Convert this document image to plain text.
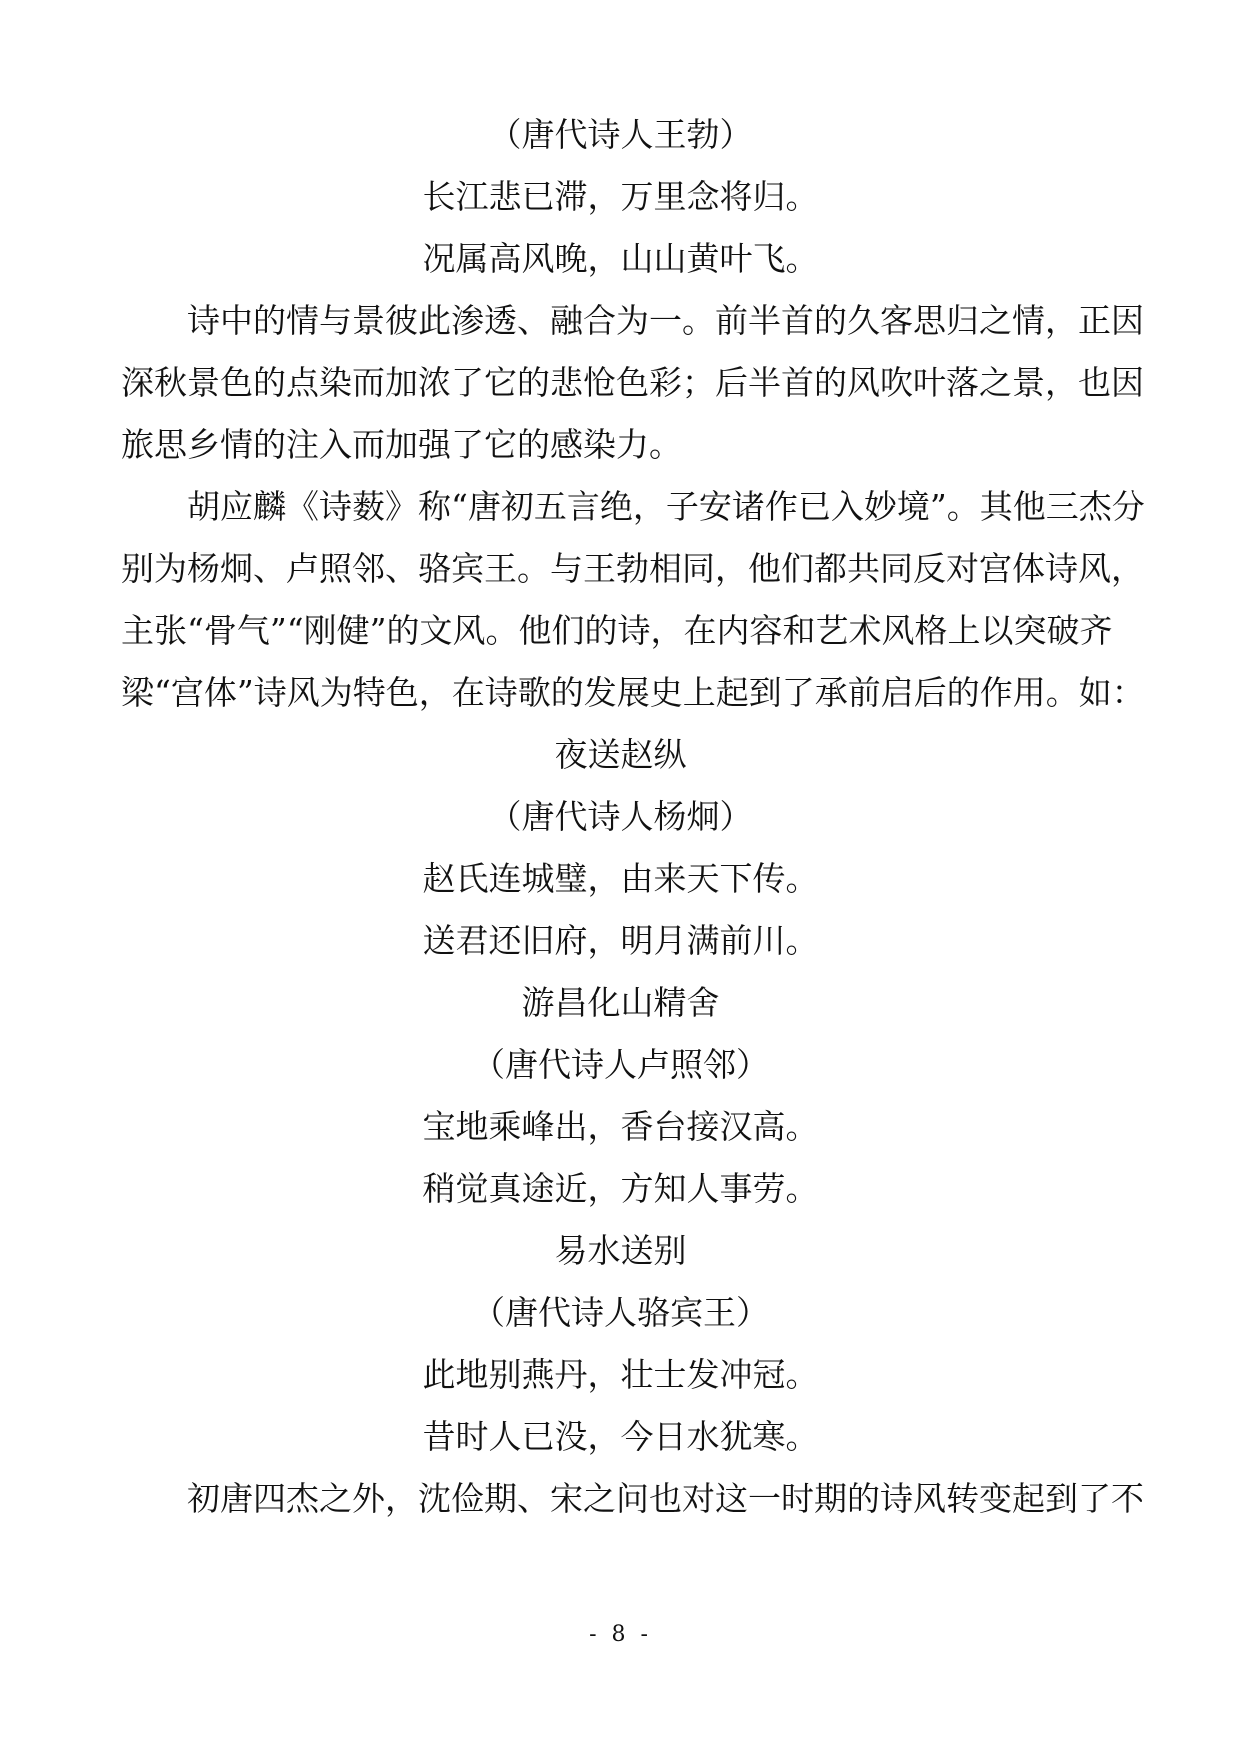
（唐代诗人王勃）
长江悲已滞，万里念将归。
况属高风晚，山山黄叶飞。
诗中的情与景彼此渗透、融合为一。前半首的久客思归之情，正因
深秋景色的点染而加浓了它的悲怆色彩；后半首的风吹叶落之景，也因
旅思乡情的注入而加强了它的感染力。
胡应麟《诗薮》称“唐初五言绝，子安诸作已入妙境”。其他三杰分
别为杨炯、卢照邻、骆宾王。与王勃相同，他们都共同反对宫体诗风，
主张“骨气”“刚健”的文风。他们的诗，在内容和艺术风格上以突破齐
梁“宫体”诗风为特色，在诗歌的发展史上起到了承前启后的作用。如：
夜送赵纵
（唐代诗人杨炯）
赵氏连城璧，由来天下传。
送君还旧府，明月满前川。
游昌化山精舍
（唐代诗人卢照邻）
宝地乘峰出，香台接汉高。
稍觉真途近，方知人事劳。
易水送别
（唐代诗人骆宾王）
此地别燕丹，壮士发冲冠。
昔时人已没，今日水犹寒。
初唐四杰之外，沈俭期、宋之问也对这一时期的诗风转变起到了不
- 8 -
